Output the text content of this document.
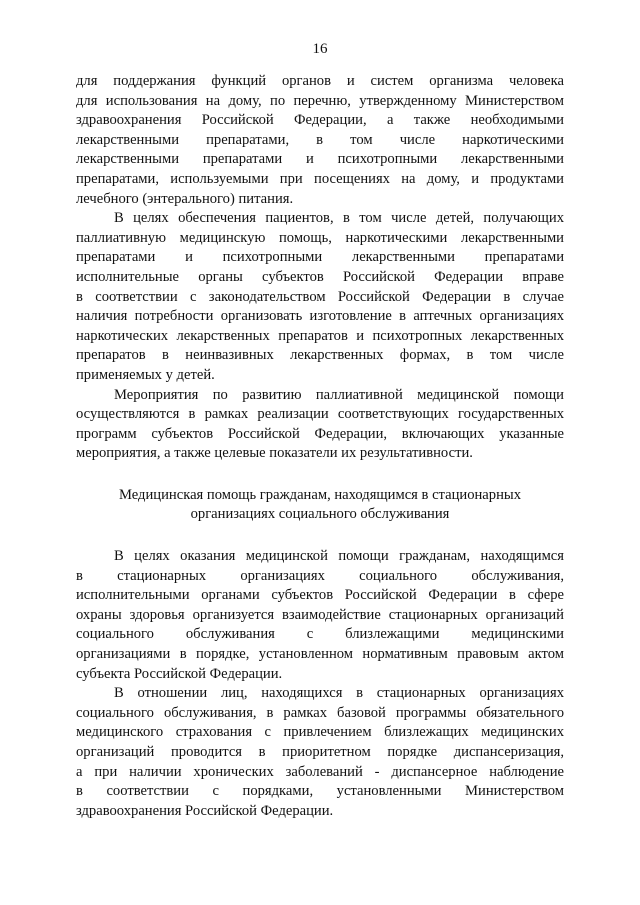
16
для поддержания функций органов и систем организма человека
для использования на дому, по перечню, утвержденному Министерством
здравоохранения Российской Федерации, а также необходимыми
лекарственными препаратами, в том числе наркотическими
лекарственными препаратами и психотропными лекарственными
препаратами, используемыми при посещениях на дому, и продуктами
лечебного (энтерального) питания.
В целях обеспечения пациентов, в том числе детей, получающих
паллиативную медицинскую помощь, наркотическими лекарственными
препаратами и психотропными лекарственными препаратами
исполнительные органы субъектов Российской Федерации вправе
в соответствии с законодательством Российской Федерации в случае
наличия потребности организовать изготовление в аптечных организациях
наркотических лекарственных препаратов и психотропных лекарственных
препаратов в неинвазивных лекарственных формах, в том числе
применяемых у детей.
Мероприятия по развитию паллиативной медицинской помощи
осуществляются в рамках реализации соответствующих государственных
программ субъектов Российской Федерации, включающих указанные
мероприятия, а также целевые показатели их результативности.
Медицинская помощь гражданам, находящимся в стационарных
организациях социального обслуживания
В целях оказания медицинской помощи гражданам, находящимся
в стационарных организациях социального обслуживания,
исполнительными органами субъектов Российской Федерации в сфере
охраны здоровья организуется взаимодействие стационарных организаций
социального обслуживания с близлежащими медицинскими
организациями в порядке, установленном нормативным правовым актом
субъекта Российской Федерации.
В отношении лиц, находящихся в стационарных организациях
социального обслуживания, в рамках базовой программы обязательного
медицинского страхования с привлечением близлежащих медицинских
организаций проводится в приоритетном порядке диспансеризация,
а при наличии хронических заболеваний - диспансерное наблюдение
в соответствии с порядками, установленными Министерством
здравоохранения Российской Федерации.
